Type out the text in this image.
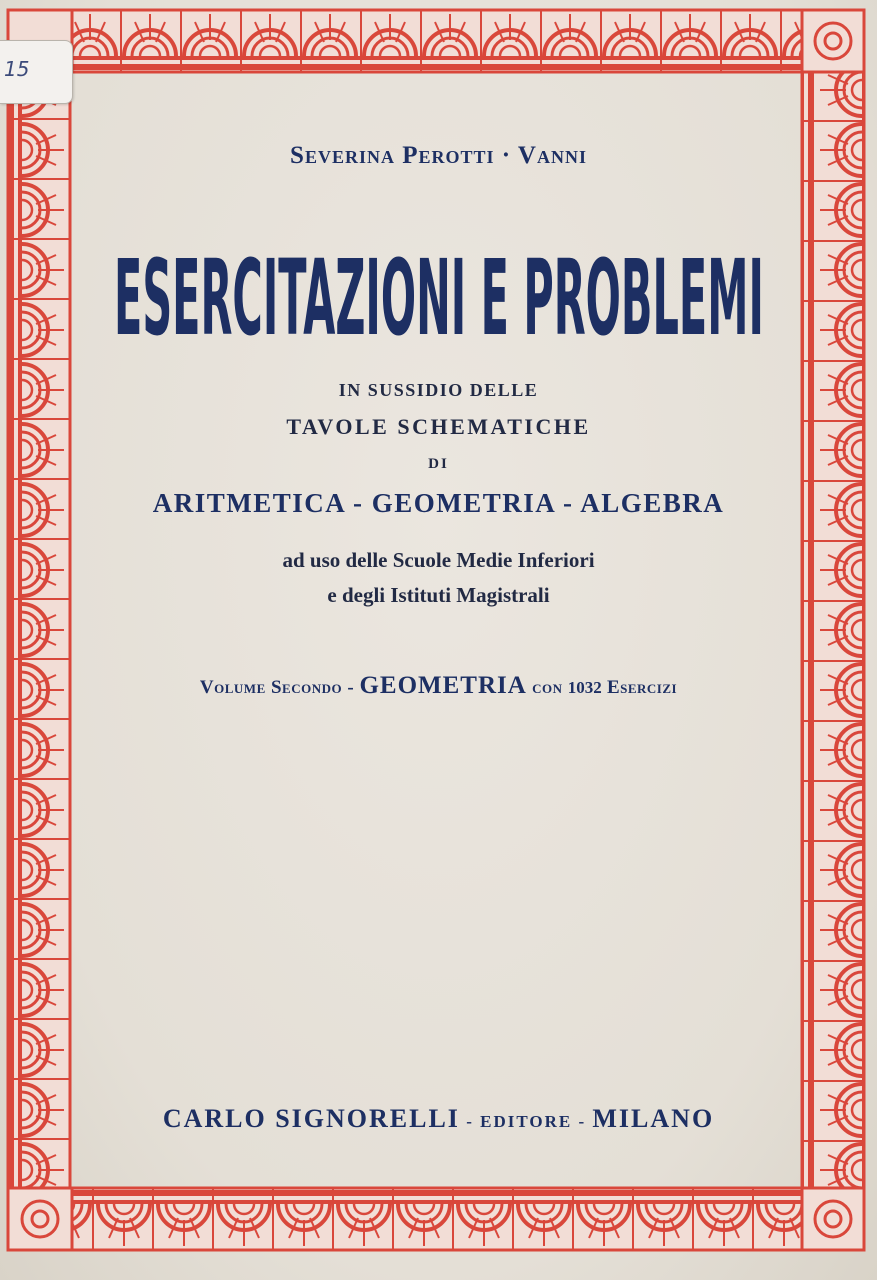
15
Severina Perotti · Vanni
ESERCITAZIONI E PROBLEMI
IN SUSSIDIO DELLE
TAVOLE SCHEMATICHE
DI
ARITMETICA - GEOMETRIA - ALGEBRA
ad uso delle Scuole Medie Inferiori
e degli Istituti Magistrali
Volume Secondo - GEOMETRIA con 1032 Esercizi
CARLO SIGNORELLI - EDITORE - MILANO
